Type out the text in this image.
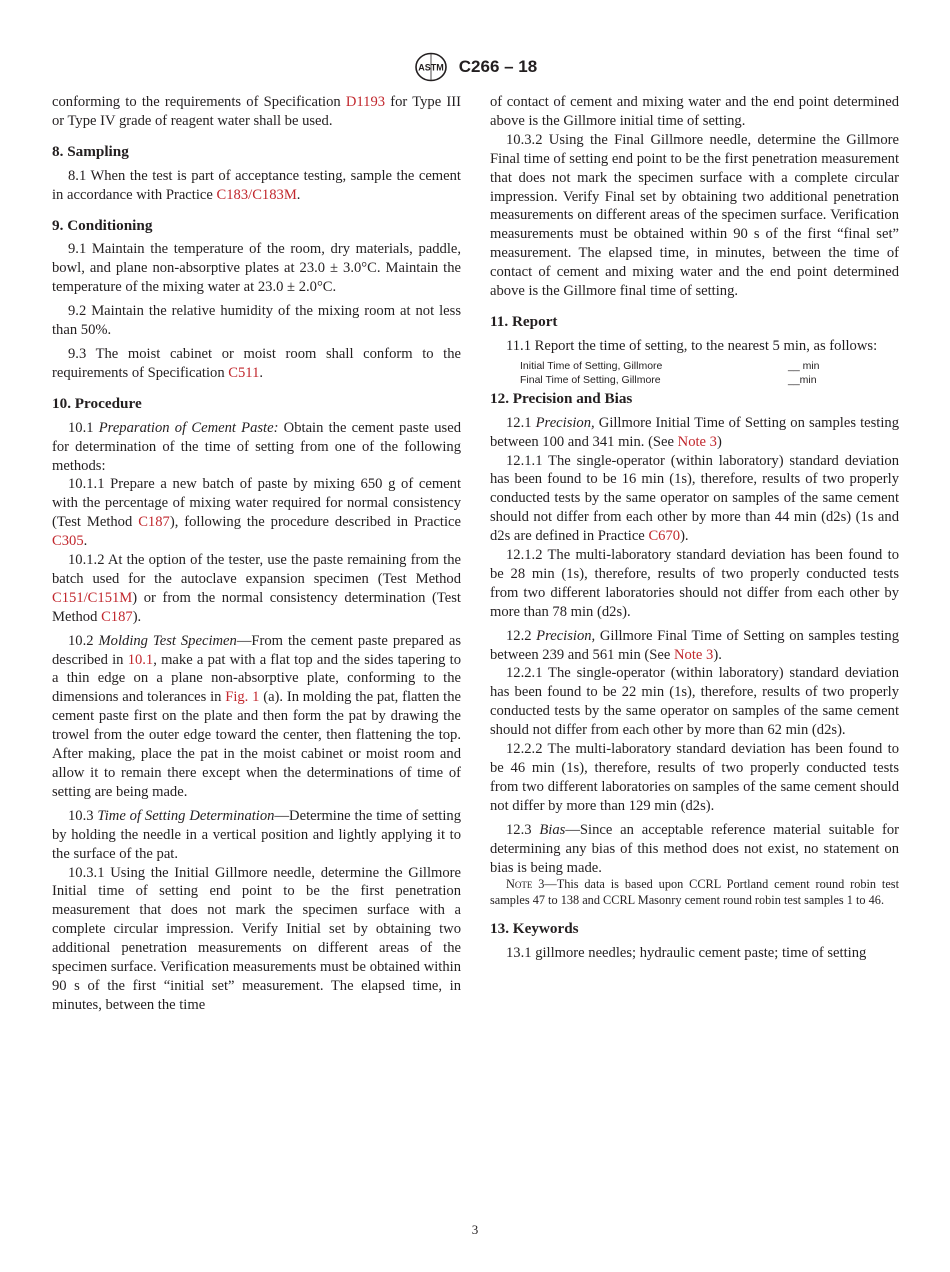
ASTM C266 – 18

conforming to the requirements of Specification D1193 for Type III or Type IV grade of reagent water shall be used.

8. Sampling

8.1 When the test is part of acceptance testing, sample the cement in accordance with Practice C183/C183M.

9. Conditioning

9.1 Maintain the temperature of the room, dry materials, paddle, bowl, and plane non-absorptive plates at 23.0 ± 3.0°C. Maintain the temperature of the mixing water at 23.0 ± 2.0°C.

9.2 Maintain the relative humidity of the mixing room at not less than 50%.

9.3 The moist cabinet or moist room shall conform to the requirements of Specification C511.

10. Procedure

10.1 Preparation of Cement Paste: Obtain the cement paste used for determination of the time of setting from one of the following methods:

10.1.1 Prepare a new batch of paste by mixing 650 g of cement with the percentage of mixing water required for normal consistency (Test Method C187), following the procedure described in Practice C305.

10.1.2 At the option of the tester, use the paste remaining from the batch used for the autoclave expansion specimen (Test Method C151/C151M) or from the normal consistency determination (Test Method C187).

10.2 Molding Test Specimen—From the cement paste prepared as described in 10.1, make a pat with a flat top and the sides tapering to a thin edge on a plane non-absorptive plate, conforming to the dimensions and tolerances in Fig. 1 (a). In molding the pat, flatten the cement paste first on the plate and then form the pat by drawing the trowel from the outer edge toward the center, then flattening the top. After making, place the pat in the moist cabinet or moist room and allow it to remain there except when the determinations of time of setting are being made.

10.3 Time of Setting Determination—Determine the time of setting by holding the needle in a vertical position and lightly applying it to the surface of the pat.

10.3.1 Using the Initial Gillmore needle, determine the Gillmore Initial time of setting end point to be the first penetration measurement that does not mark the specimen surface with a complete circular impression. Verify Initial set by obtaining two additional penetration measurements on different areas of the specimen surface. Verification measurements must be obtained within 90 s of the first “initial set” measurement. The elapsed time, in minutes, between the time

of contact of cement and mixing water and the end point determined above is the Gillmore initial time of setting.

10.3.2 Using the Final Gillmore needle, determine the Gillmore Final time of setting end point to be the first penetration measurement that does not mark the specimen surface with a complete circular impression. Verify Final set by obtaining two additional penetration measurements on different areas of the specimen surface. Verification measurements must be obtained within 90 s of the first “final set” measurement. The elapsed time, in minutes, between the time of contact of cement and mixing water and the end point determined above is the Gillmore final time of setting.

11. Report

11.1 Report the time of setting, to the nearest 5 min, as follows:

Initial Time of Setting, Gillmore	__ min
Final Time of Setting, Gillmore	__min
12. Precision and Bias

12.1 Precision, Gillmore Initial Time of Setting on samples testing between 100 and 341 min. (See Note 3)

12.1.1 The single-operator (within laboratory) standard deviation has been found to be 16 min (1s), therefore, results of two properly conducted tests by the same operator on samples of the same cement should not differ from each other by more than 44 min (d2s) (1s and d2s are defined in Practice C670).

12.1.2 The multi-laboratory standard deviation has been found to be 28 min (1s), therefore, results of two properly conducted tests from two different laboratories should not differ from each other by more than 78 min (d2s).

12.2 Precision, Gillmore Final Time of Setting on samples testing between 239 and 561 min (See Note 3).

12.2.1 The single-operator (within laboratory) standard deviation has been found to be 22 min (1s), therefore, results of two properly conducted tests by the same operator on samples of the same cement should not differ from each other by more than 62 min (d2s).

12.2.2 The multi-laboratory standard deviation has been found to be 46 min (1s), therefore, results of two properly conducted tests from two different laboratories on samples of the same cement should not differ by more than 129 min (d2s).

12.3 Bias—Since an acceptable reference material suitable for determining any bias of this method does not exist, no statement on bias is being made.

Note 3—This data is based upon CCRL Portland cement round robin test samples 47 to 138 and CCRL Masonry cement round robin test samples 1 to 46.

13. Keywords

13.1 gillmore needles; hydraulic cement paste; time of setting

3
